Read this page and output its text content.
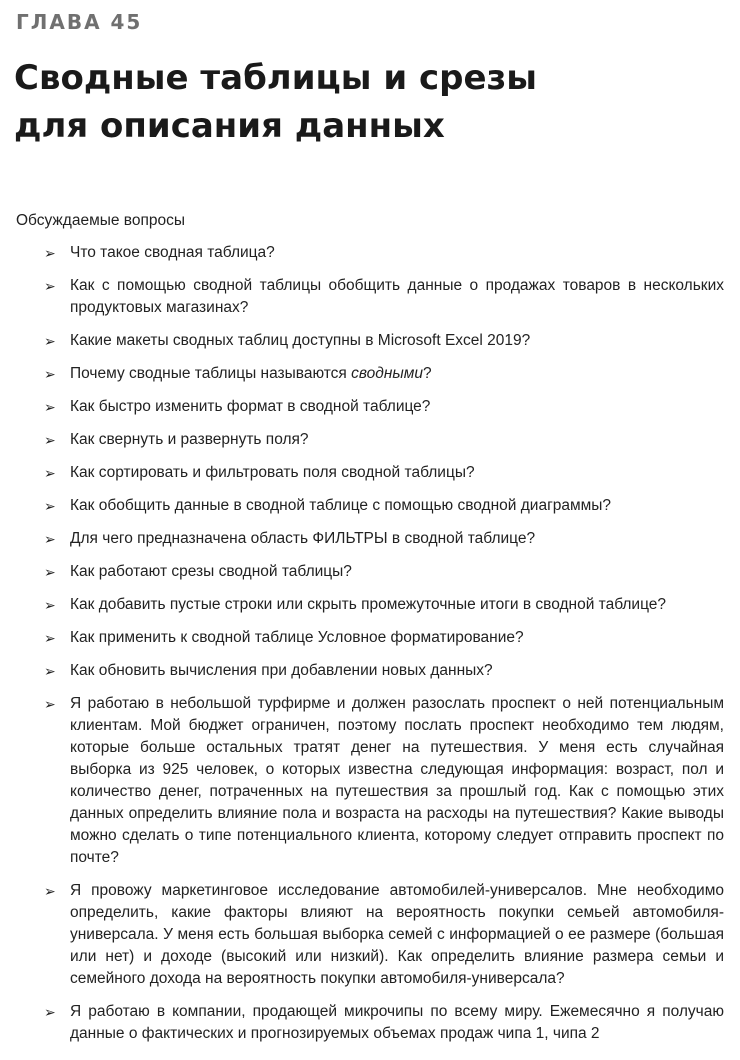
ГЛАВА 45
Сводные таблицы и срезы
для описания данных
Обсуждаемые вопросы
➢ Что такое сводная таблица?
➢ Как с помощью сводной таблицы обобщить данные о продажах товаров в нескольких продуктовых магазинах?
➢ Какие макеты сводных таблиц доступны в Microsoft Excel 2019?
➢ Почему сводные таблицы называются сводными?
➢ Как быстро изменить формат в сводной таблице?
➢ Как свернуть и развернуть поля?
➢ Как сортировать и фильтровать поля сводной таблицы?
➢ Как обобщить данные в сводной таблице с помощью сводной диаграммы?
➢ Для чего предназначена область ФИЛЬТРЫ в сводной таблице?
➢ Как работают срезы сводной таблицы?
➢ Как добавить пустые строки или скрыть промежуточные итоги в сводной таблице?
➢ Как применить к сводной таблице Условное форматирование?
➢ Как обновить вычисления при добавлении новых данных?
➢ Я работаю в небольшой турфирме и должен разослать проспект о ней потенциальным клиентам. Мой бюджет ограничен, поэтому послать проспект необходимо тем людям, которые больше остальных тратят денег на путешествия. У меня есть случайная выборка из 925 человек, о которых известна следующая информация: возраст, пол и количество денег, потраченных на путешествия за прошлый год. Как с помощью этих данных определить влияние пола и возраста на расходы на путешествия? Какие выводы можно сделать о типе потенциального клиента, которому следует отправить проспект по почте?
➢ Я провожу маркетинговое исследование автомобилей-универсалов. Мне необходимо определить, какие факторы влияют на вероятность покупки семьей автомобиля-универсала. У меня есть большая выборка семей с информацией о ее размере (большая или нет) и доходе (высокий или низкий). Как определить влияние размера семьи и семейного дохода на вероятность покупки автомобиля-универсала?
➢ Я работаю в компании, продающей микрочипы по всему миру. Ежемесячно я получаю данные о фактических и прогнозируемых объемах продаж чипа 1, чипа 2
